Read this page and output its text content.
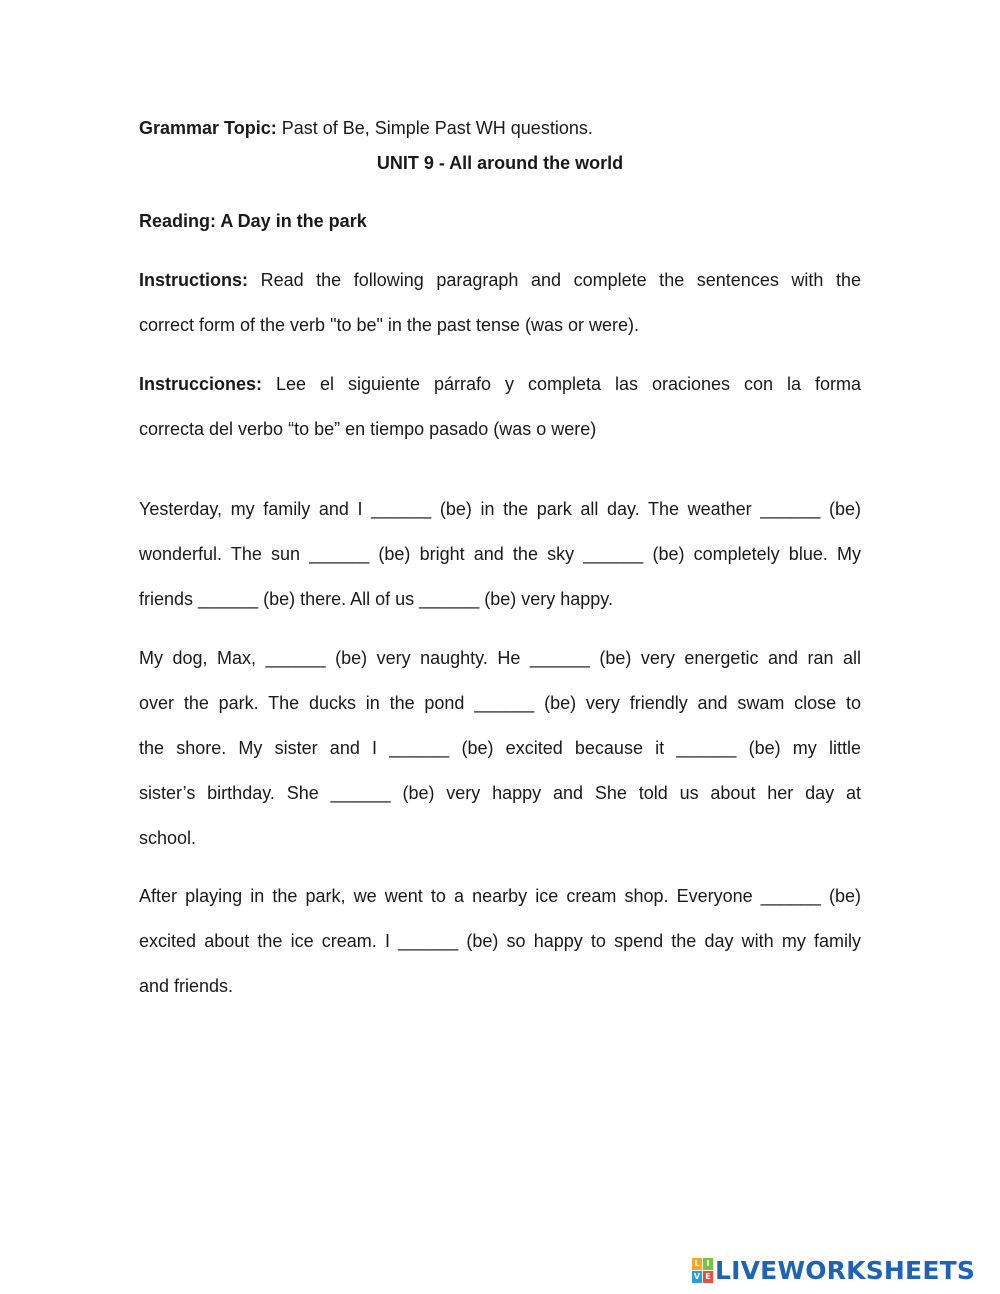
Grammar Topic: Past of Be, Simple Past WH questions.
UNIT 9 - All around the world
Reading: A Day in the park
Instructions: Read the following paragraph and complete the sentences with the
correct form of the verb "to be" in the past tense (was or were).
Instrucciones: Lee el siguiente párrafo y completa las oraciones con la forma
correcta del verbo “to be” en tiempo pasado (was o were)
Yesterday, my family and I ______ (be) in the park all day. The weather ______ (be)
wonderful. The sun ______ (be) bright and the sky ______ (be) completely blue. My
friends ______ (be) there. All of us ______ (be) very happy.
My dog, Max, ______ (be) very naughty. He ______ (be) very energetic and ran all
over the park. The ducks in the pond ______ (be) very friendly and swam close to
the shore. My sister and I ______ (be) excited because it ______ (be) my little
sister’s birthday. She ______ (be) very happy and She told us about her day at
school.
After playing in the park, we went to a nearby ice cream shop. Everyone ______ (be)
excited about the ice cream. I ______ (be) so happy to spend the day with my family
and friends.
L I
V E LIVEWORKSHEETS
